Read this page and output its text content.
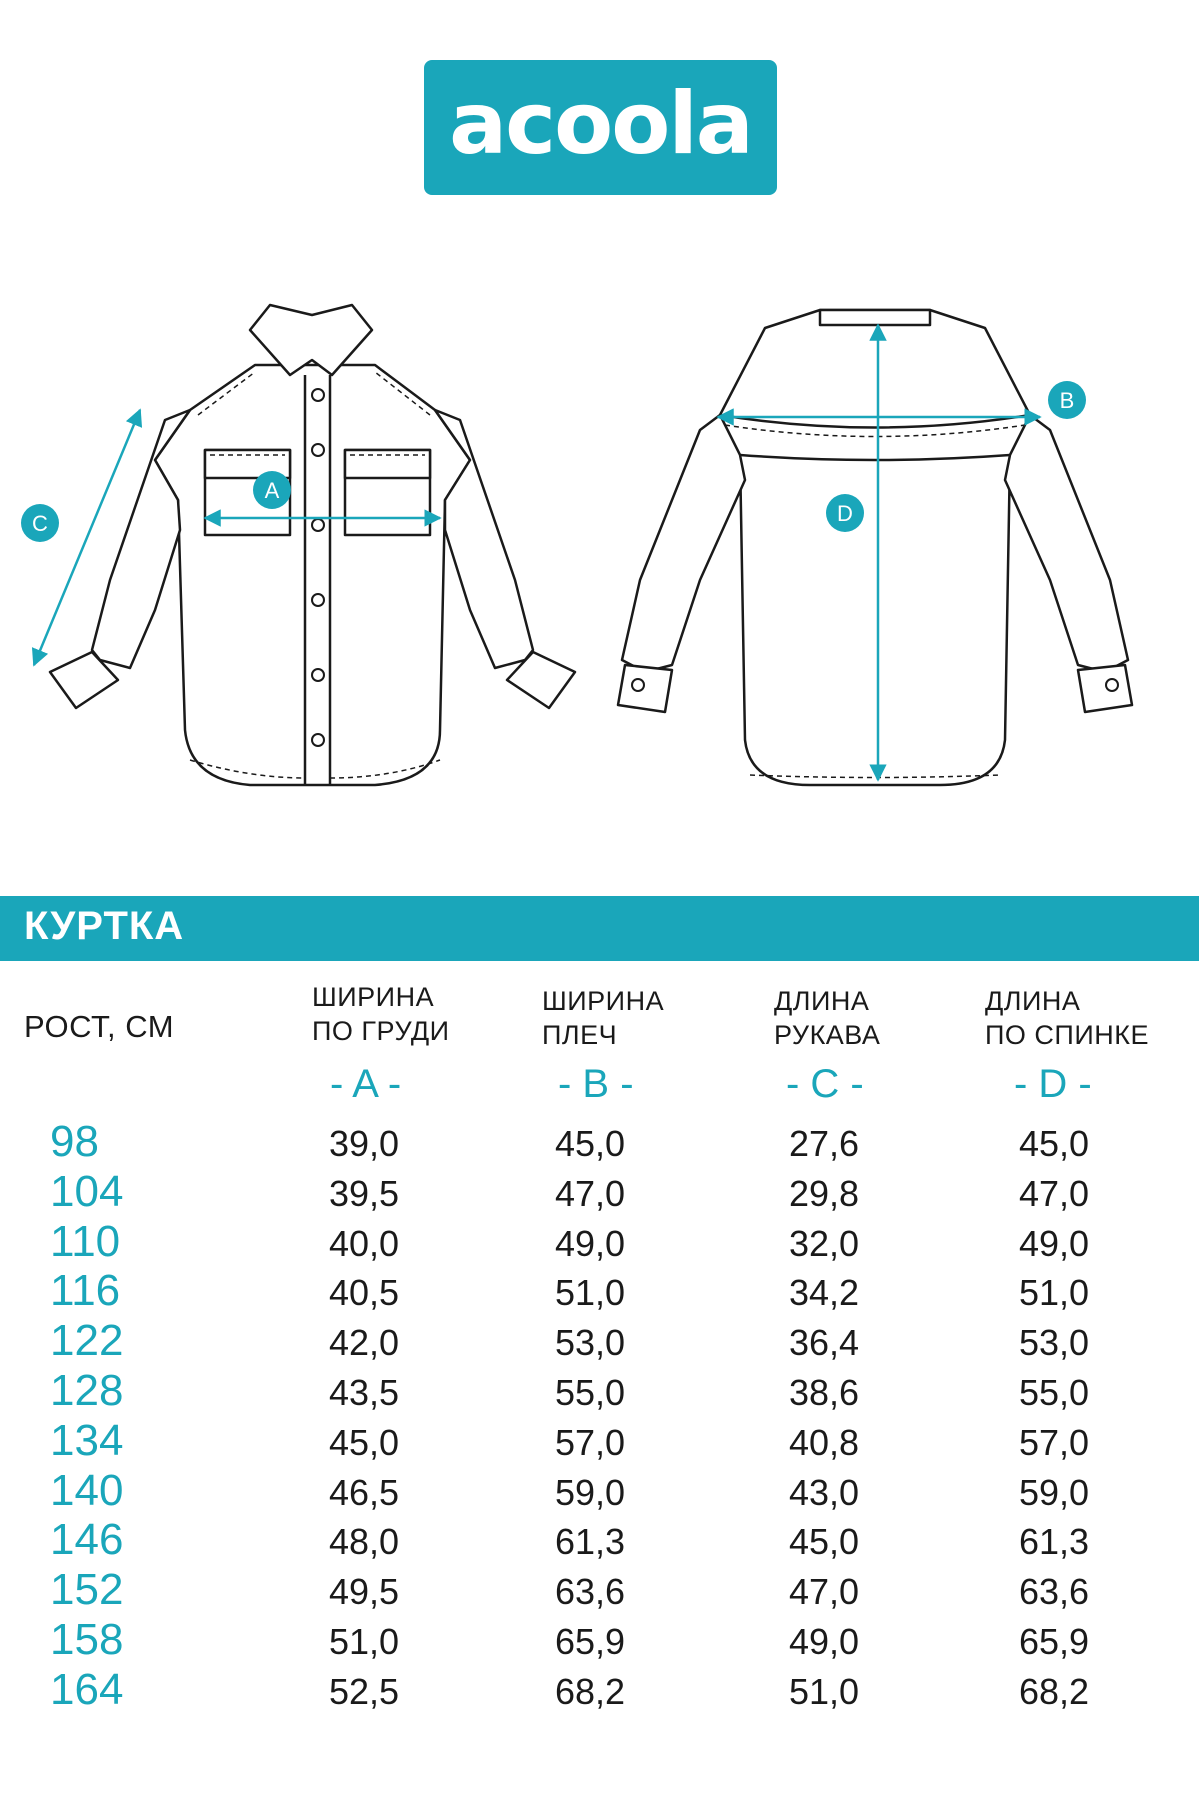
acoola
A
B
C	D
КУРТКА
РОСТ, СМ
ШИРИНА
ПО ГРУДИ
ШИРИНА
ПЛЕЧ
ДЛИНА
РУКАВА
ДЛИНА
ПО СПИНКЕ
- A -	- B -	- C -	- D -
98	39,0	45,0	27,6	45,0
104	39,5	47,0	29,8	47,0
110	40,0	49,0	32,0	49,0
116	40,5	51,0	34,2	51,0
122	42,0	53,0	36,4	53,0
128	43,5	55,0	38,6	55,0
134	45,0	57,0	40,8	57,0
140	46,5	59,0	43,0	59,0
146	48,0	61,3	45,0	61,3
152	49,5	63,6	47,0	63,6
158	51,0	65,9	49,0	65,9
164	52,5	68,2	51,0	68,2
